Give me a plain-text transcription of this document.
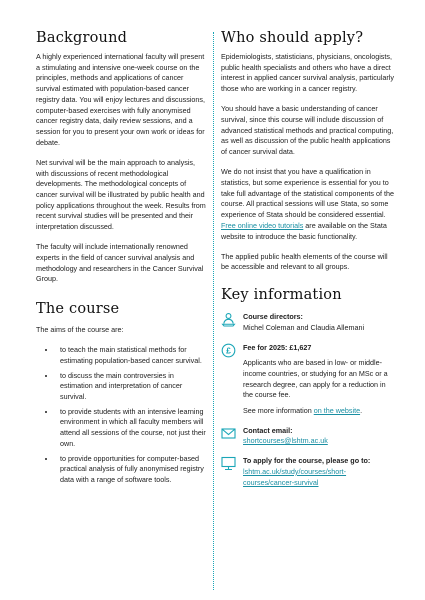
Background

A highly experienced international faculty will present a stimulating and intensive one-week course on the principles, methods and applications of cancer survival estimated with population-based cancer registry data. You will enjoy lectures and discussions, computer-based exercises with fully anonymised cancer registry data, daily review sessions, and a session for you to present your own work or ideas for debate.

Net survival will be the main approach to analysis, with discussions of recent methodological developments. The methodological concepts of cancer survival will be illustrated by public health and policy applications throughout the week. Results from recent survival studies will be presented and their interpretation discussed.

The faculty will include internationally renowned experts in the field of cancer survival analysis and methodology and researchers in the Cancer Survival Group.

The course

The aims of the course are:

• to teach the main statistical methods for estimating population-based cancer survival.
• to discuss the main controversies in estimation and interpretation of cancer survival.
• to provide students with an intensive learning environment in which all faculty members will attend all sessions of the course, not just their own.
• to provide opportunities for computer-based practical analysis of fully anonymised registry data with a range of software tools.
Who should apply?

Epidemiologists, statisticians, physicians, oncologists, public health specialists and others who have a direct interest in applied cancer survival analysis, particularly those who are working in a cancer registry.

You should have a basic understanding of cancer survival, since this course will include discussion of advanced statistical methods and practical computing, as well as discussion of the public health applications of cancer survival data.

We do not insist that you have a qualification in statistics, but some experience is essential for you to take full advantage of the statistical components of the course. All practical sessions will use Stata, so some experience of Stata should be considered essential. Free online video tutorials are available on the Stata website to introduce the basic functionality.

The applied public health elements of the course will be accessible and relevant to all groups.

Key information
Course directors:
Michel Coleman and Claudia Allemani
£ Fee for 2025: £1,627
Applicants who are based in low- or middle-income countries, or studying for an MSc or a research degree, can apply for a reduction in the course fee.
See more information on the website.
Contact email:
shortcourses@lshtm.ac.uk
To apply for the course, please go to:
lshtm.ac.uk/study/courses/short-courses/cancer-survival
